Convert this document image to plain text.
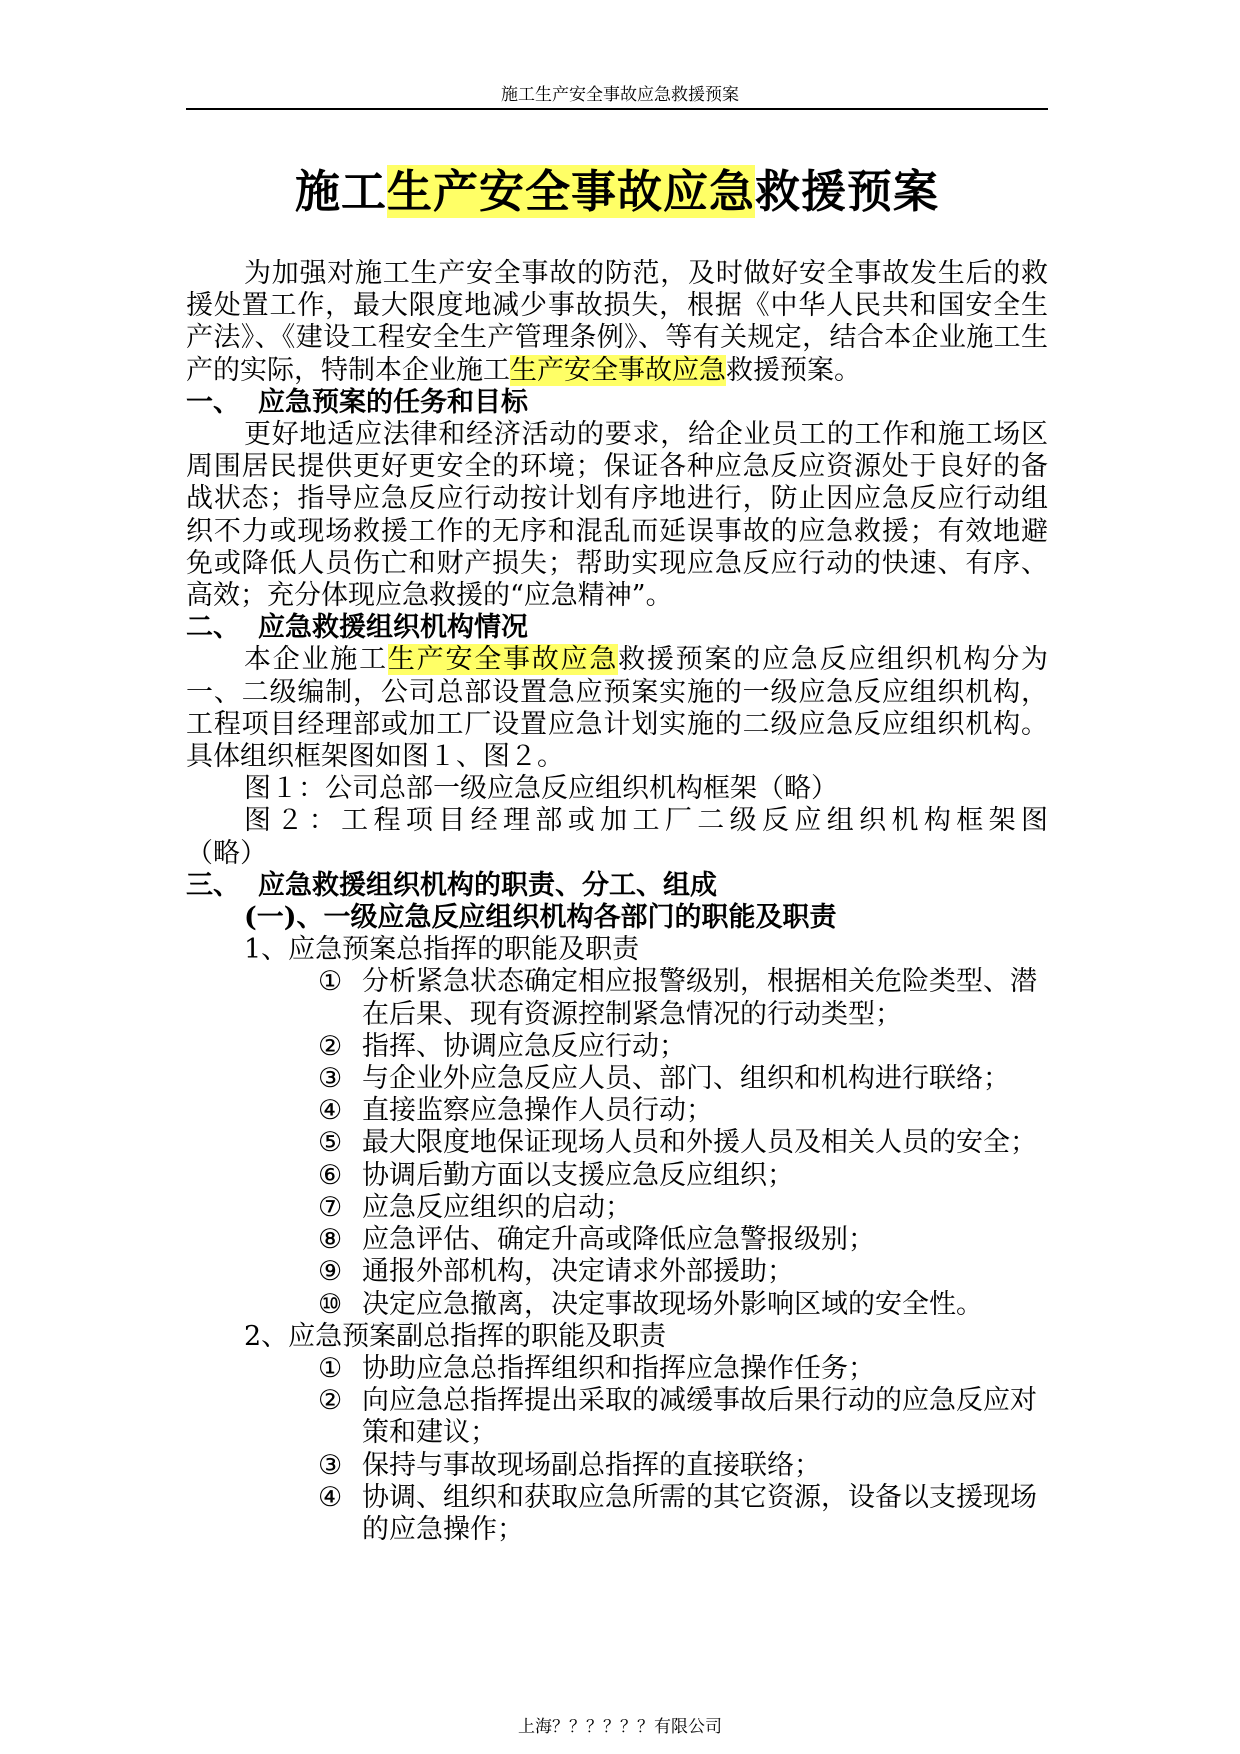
施工生产安全事故应急救援预案
施工生产安全事故应急救援预案

为加强对施工生产安全事故的防范，及时做好安全事故发生后的救援处置工作，最大限度地减少事故损失，根据《中华人民共和国安全生产法》、《建设工程安全生产管理条例》、等有关规定，结合本企业施工生产的实际，特制本企业施工生产安全事故应急救援预案。

一、 应急预案的任务和目标

更好地适应法律和经济活动的要求，给企业员工的工作和施工场区周围居民提供更好更安全的环境；保证各种应急反应资源处于良好的备战状态；指导应急反应行动按计划有序地进行，防止因应急反应行动组织不力或现场救援工作的无序和混乱而延误事故的应急救援；有效地避免或降低人员伤亡和财产损失；帮助实现应急反应行动的快速、有序、高效；充分体现应急救援的“应急精神”。

二、 应急救援组织机构情况

本企业施工生产安全事故应急救援预案的应急反应组织机构分为一、二级编制，公司总部设置急应预案实施的一级应急反应组织机构，工程项目经理部或加工厂设置应急计划实施的二级应急反应组织机构。具体组织框架图如图１、图２。

图１：公司总部一级应急反应组织机构框架（略）

图２：工程项目经理部或加工厂二级反应组织机构框架图

（略）

三、 应急救援组织机构的职责、分工、组成

(一)、一级应急反应组织机构各部门的职能及职责

1、应急预案总指挥的职能及职责

① 分析紧急状态确定相应报警级别，根据相关危险类型、潜在后果、现有资源控制紧急情况的行动类型；
② 指挥、协调应急反应行动；
③ 与企业外应急反应人员、部门、组织和机构进行联络；
④ 直接监察应急操作人员行动；
⑤ 最大限度地保证现场人员和外援人员及相关人员的安全；
⑥ 协调后勤方面以支援应急反应组织；
⑦ 应急反应组织的启动；
⑧ 应急评估、确定升高或降低应急警报级别；
⑨ 通报外部机构，决定请求外部援助；
⑩ 决定应急撤离，决定事故现场外影响区域的安全性。

2、应急预案副总指挥的职能及职责

① 协助应急总指挥组织和指挥应急操作任务；
② 向应急总指挥提出采取的减缓事故后果行动的应急反应对策和建议；
③ 保持与事故现场副总指挥的直接联络；
④ 协调、组织和获取应急所需的其它资源，设备以支援现场的应急操作；
上海？？？？？？有限公司
